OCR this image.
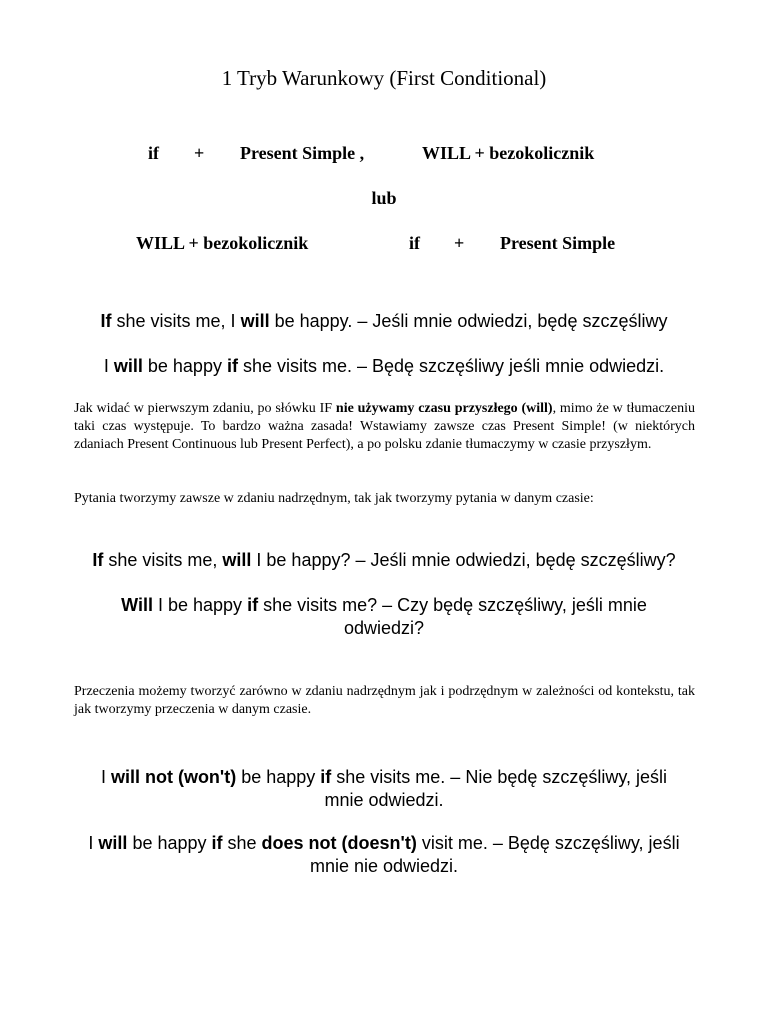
1 Tryb Warunkowy (First Conditional)
if + Present Simple ,	WILL + bezokolicznik
lub
WILL + bezokolicznik	if + Present Simple
If she visits me, I will be happy. – Jeśli mnie odwiedzi, będę szczęśliwy
I will be happy if she visits me. – Będę szczęśliwy jeśli mnie odwiedzi.
Jak widać w pierwszym zdaniu, po słówku IF nie używamy czasu przyszłego (will), mimo że w tłumaczeniu taki czas występuje. To bardzo ważna zasada! Wstawiamy zawsze czas Present Simple! (w niektórych zdaniach Present Continuous lub Present Perfect), a po polsku zdanie tłumaczymy w czasie przyszłym.
Pytania tworzymy zawsze w zdaniu nadrzędnym, tak jak tworzymy pytania w danym czasie:
If she visits me, will I be happy? – Jeśli mnie odwiedzi, będę szczęśliwy?
Will I be happy if she visits me? – Czy będę szczęśliwy, jeśli mnie odwiedzi?
Przeczenia możemy tworzyć zarówno w zdaniu nadrzędnym jak i podrzędnym w zależności od kontekstu, tak jak tworzymy przeczenia w danym czasie.
I will not (won't) be happy if she visits me. – Nie będę szczęśliwy, jeśli mnie odwiedzi.
I will be happy if she does not (doesn't) visit me. – Będę szczęśliwy, jeśli mnie nie odwiedzi.
